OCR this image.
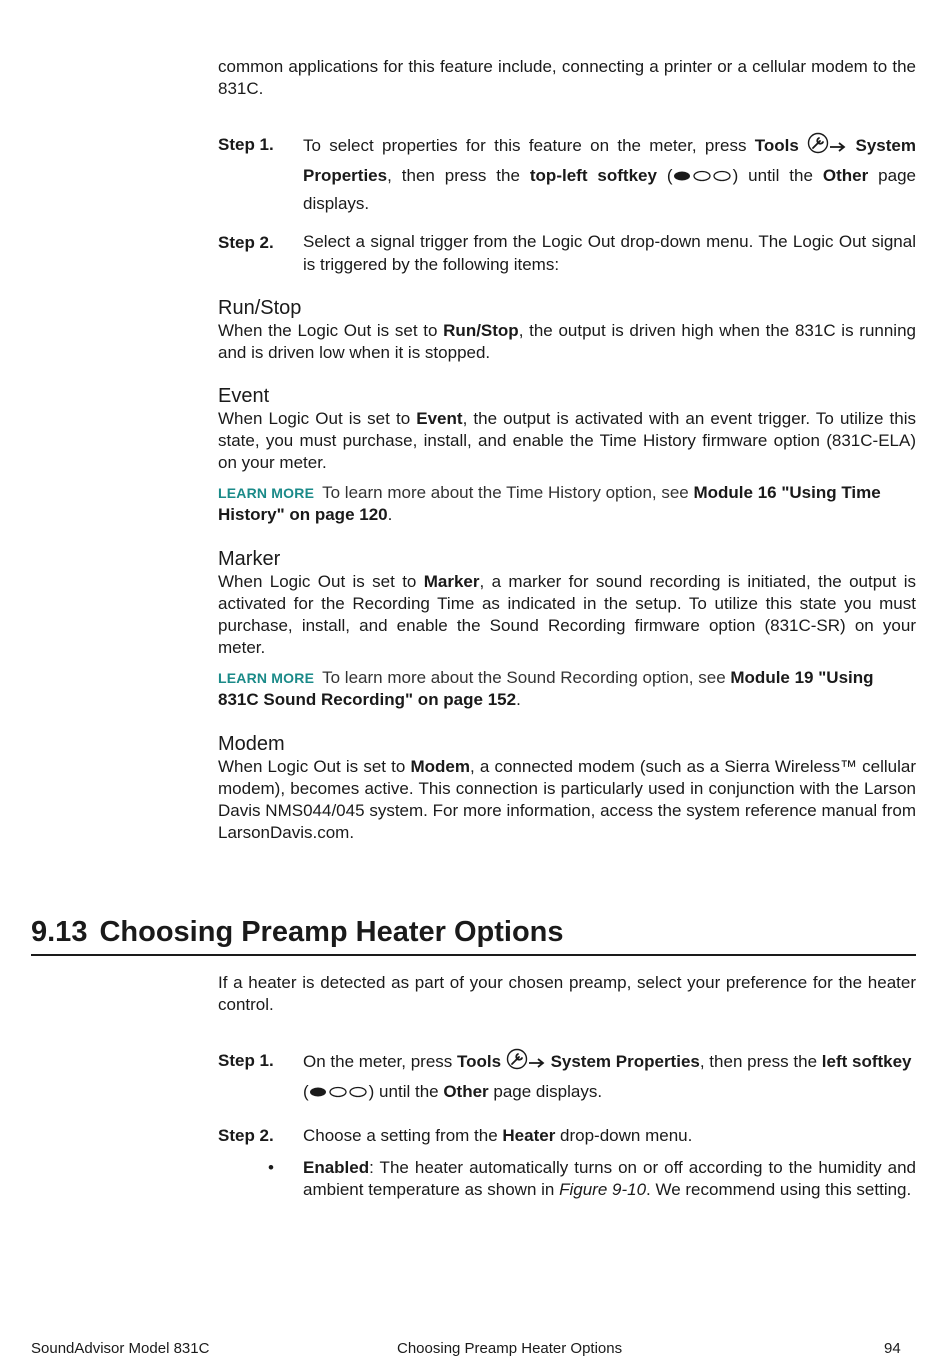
common applications for this feature include, connecting a printer or a cellular modem to the 831C.

Step 1. To select properties for this feature on the meter, press Tools	System Properties, then press the top-left softkey (	) until the Other page displays.
Step 2. Select a signal trigger from the Logic Out drop-down menu. The Logic Out signal is triggered by the following items:
Run/Stop

When the Logic Out is set to Run/Stop, the output is driven high when the 831C is running and is driven low when it is stopped.

Event

When Logic Out is set to Event, the output is activated with an event trigger. To utilize this state, you must purchase, install, and enable the Time History firmware option (831C-ELA) on your meter.

LEARN MORE To learn more about the Time History option, see Module 16 "Using Time History" on page 120.

Marker

When Logic Out is set to Marker, a marker for sound recording is initiated, the output is activated for the Recording Time as indicated in the setup. To utilize this state you must purchase, install, and enable the Sound Recording firmware option (831C-SR) on your meter.

LEARN MORE To learn more about the Sound Recording option, see Module 19 "Using 831C Sound Recording" on page 152.

Modem

When Logic Out is set to Modem, a connected modem (such as a Sierra Wireless™ cellular modem), becomes active. This connection is particularly used in conjunction with the Larson Davis NMS044/045 system. For more information, access the system reference manual from LarsonDavis.com.

9.13 Choosing Preamp Heater Options

If a heater is detected as part of your chosen preamp, select your preference for the heater control.

Step 1. On the meter, press Tools	System Properties, then press the left softkey
(	) until the Other page displays.
Step 2. Choose a setting from the Heater drop-down menu.
• Enabled: The heater automatically turns on or off according to the humidity and ambient temperature as shown in Figure 9-10. We recommend using this setting.
SoundAdvisor Model 831C	Choosing Preamp Heater Options	94
